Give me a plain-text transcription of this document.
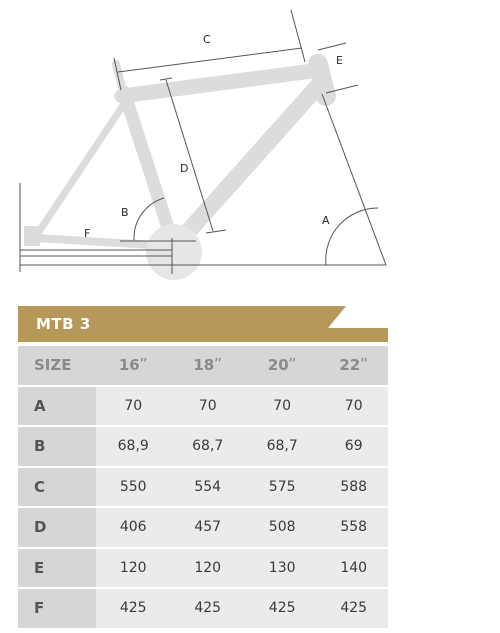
C
E
D
A
B
F
MTB 3
SIZE	16ʺ	18ʺ	20ʺ	22ʺ
A	70	70	70	70
B	68,9	68,7	68,7	69
C	550	554	575	588
D	406	457	508	558
E	120	120	130	140
F	425	425	425	425
